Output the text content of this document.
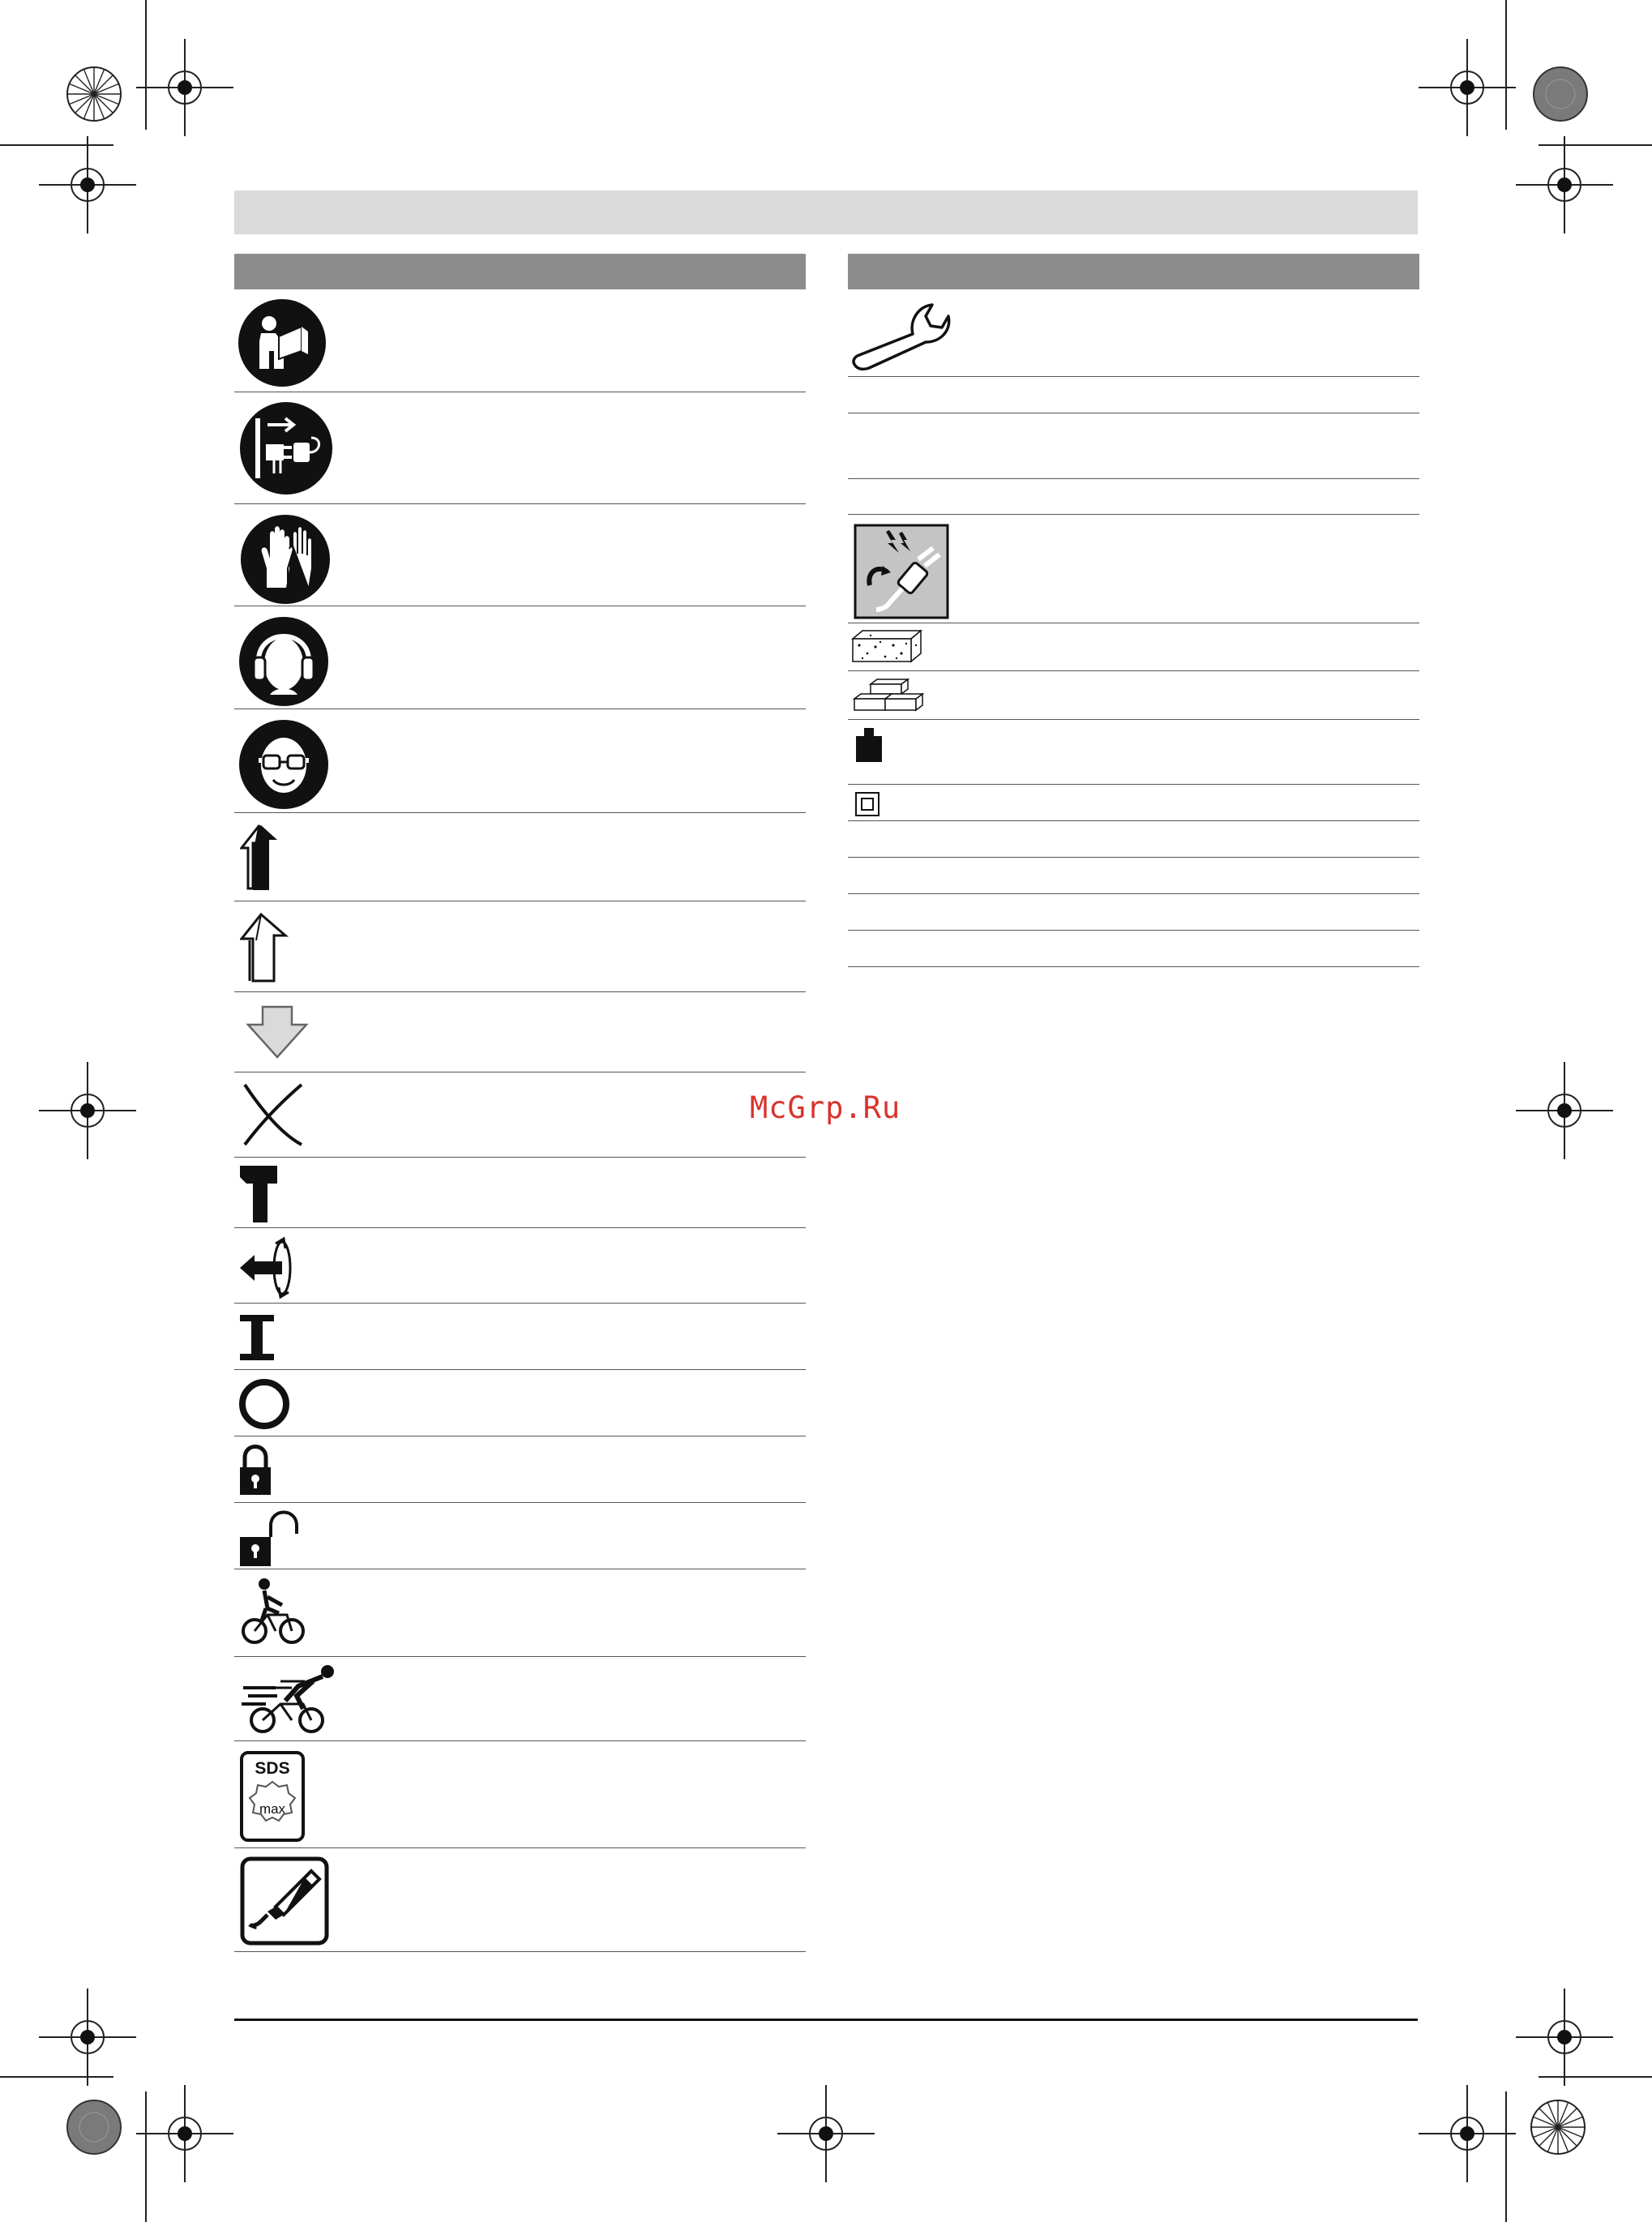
SDS
max
McGrp.Ru
